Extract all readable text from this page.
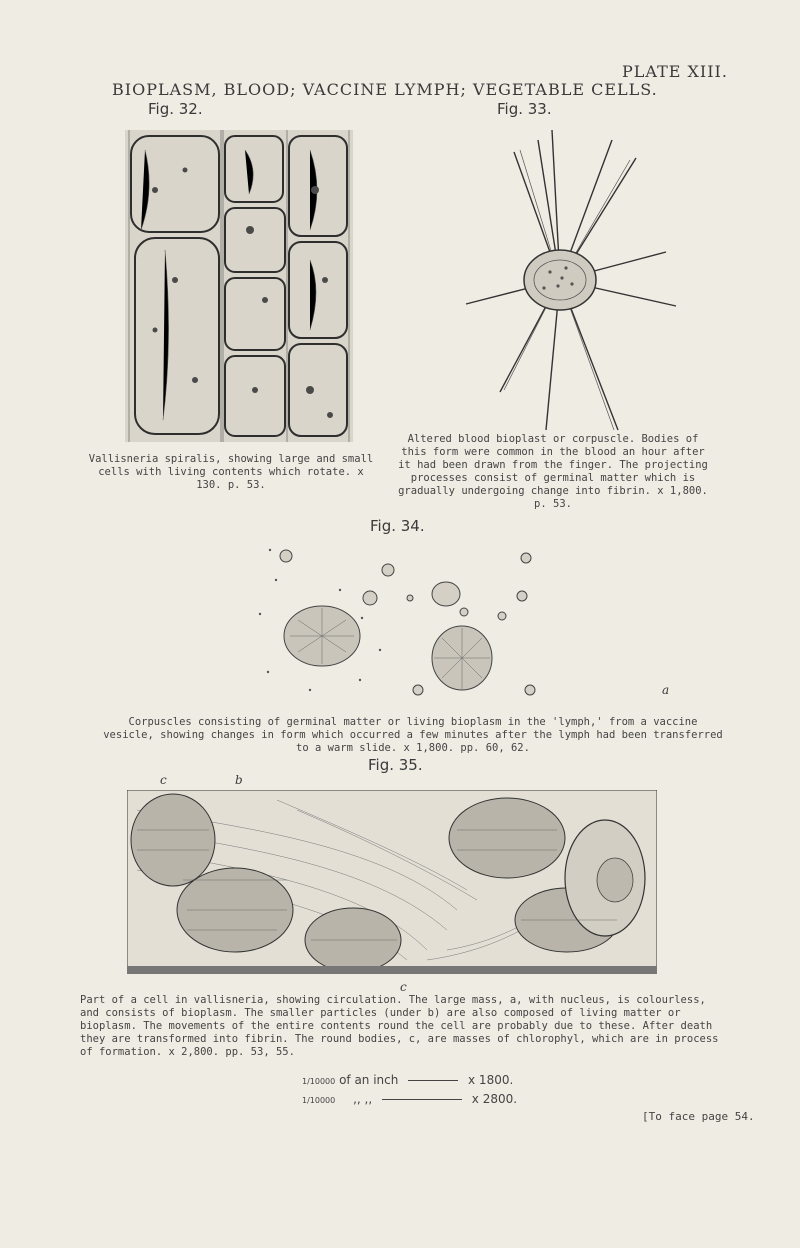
PLATE XIII.
BIOPLASM, BLOOD; VACCINE LYMPH; VEGETABLE CELLS.
Fig. 32.	Fig. 33.
Vallisneria spiralis, showing large and small cells with living contents which rotate. x 130. p. 53.
Altered blood bioplast or corpuscle. Bodies of this form were common in the blood an hour after it had been drawn from the finger. The projecting processes consist of germinal matter which is gradually undergoing change into fibrin. x 1,800. p. 53.
Fig. 34.
Corpuscles consisting of germinal matter or living bioplasm in the 'lymph,' from a vaccine vesicle, showing changes in form which occurred a few minutes after the lymph had been transferred to a warm slide. x 1,800. pp. 60, 62.
Fig. 35.
c	b
a
c
Part of a cell in vallisneria, showing circulation. The large mass, a, with nucleus, is colourless, and consists of bioplasm. The smaller particles (under b) are also composed of living matter or bioplasm. The movements of the entire contents round the cell are probably due to these. After death they are transformed into fibrin. The round bodies, c, are masses of chlorophyl, which are in process of formation. x 2,800. pp. 53, 55.
1/10000 of an inch	x 1800.
1/10000 ,, ,,	x 2800.
[To face page 54.
